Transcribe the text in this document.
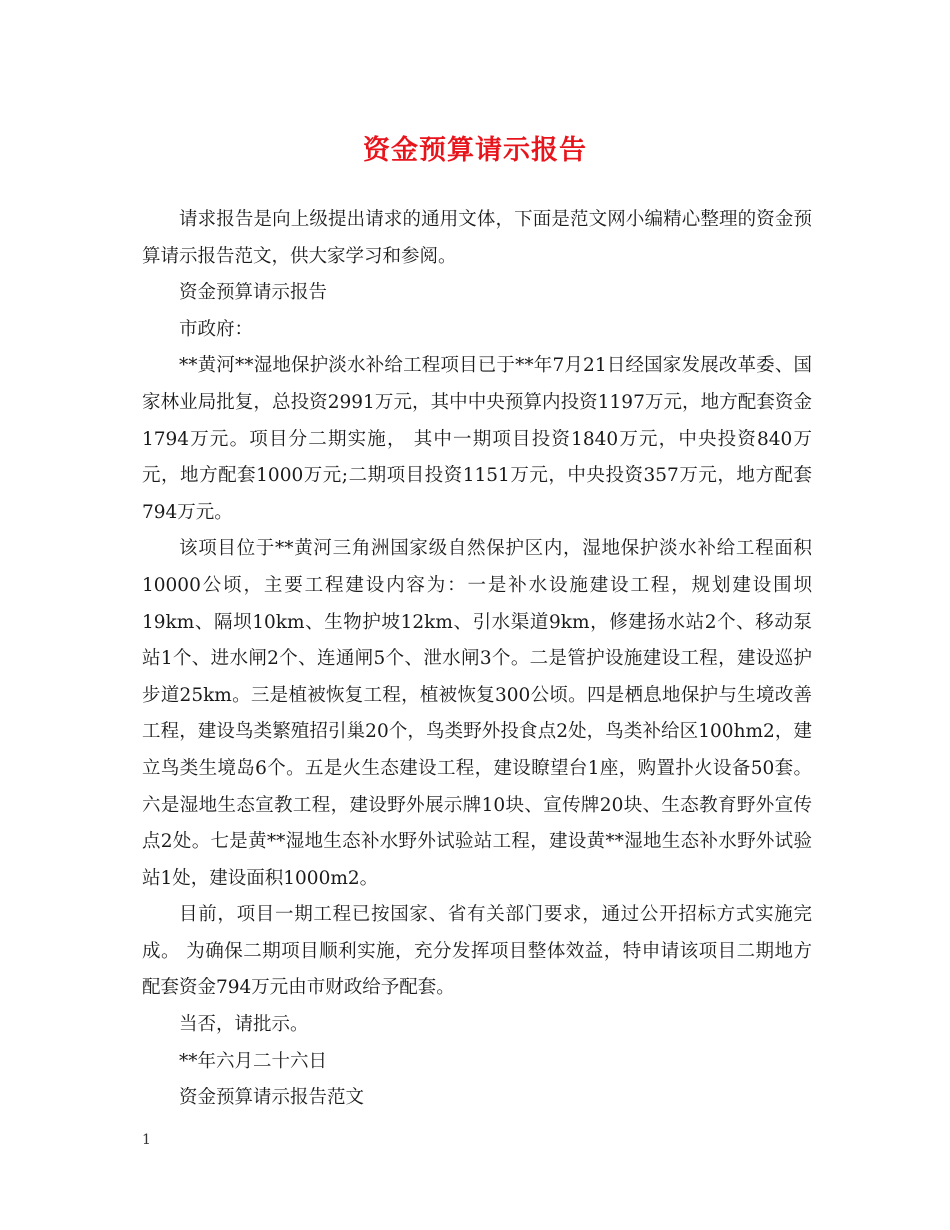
资金预算请示报告

请求报告是向上级提出请求的通用文体，下面是范文网小编精心整理的资金预算请示报告范文，供大家学习和参阅。

资金预算请示报告

市政府：

**黄河**湿地保护淡水补给工程项目已于**年7月21日经国家发展改革委、国家林业局批复，总投资2991万元，其中中央预算内投资1197万元，地方配套资金1794万元。项目分二期实施， 其中一期项目投资1840万元，中央投资840万元，地方配套1000万元;二期项目投资1151万元，中央投资357万元，地方配套794万元。

该项目位于**黄河三角洲国家级自然保护区内，湿地保护淡水补给工程面积10000公顷，主要工程建设内容为：一是补水设施建设工程，规划建设围坝19km、隔坝10km、生物护坡12km、引水渠道9km，修建扬水站2个、移动泵站1个、进水闸2个、连通闸5个、泄水闸3个。二是管护设施建设工程，建设巡护步道25km。三是植被恢复工程，植被恢复300公顷。四是栖息地保护与生境改善工程，建设鸟类繁殖招引巢20个，鸟类野外投食点2处，鸟类补给区100hm2，建立鸟类生境岛6个。五是火生态建设工程，建设瞭望台1座，购置扑火设备50套。六是湿地生态宣教工程，建设野外展示牌10块、宣传牌20块、生态教育野外宣传点2处。七是黄**湿地生态补水野外试验站工程，建设黄**湿地生态补水野外试验站1处，建设面积1000m2。

目前，项目一期工程已按国家、省有关部门要求，通过公开招标方式实施完成。 为确保二期项目顺利实施，充分发挥项目整体效益，特申请该项目二期地方配套资金794万元由市财政给予配套。

当否，请批示。

**年六月二十六日

资金预算请示报告范文

1
